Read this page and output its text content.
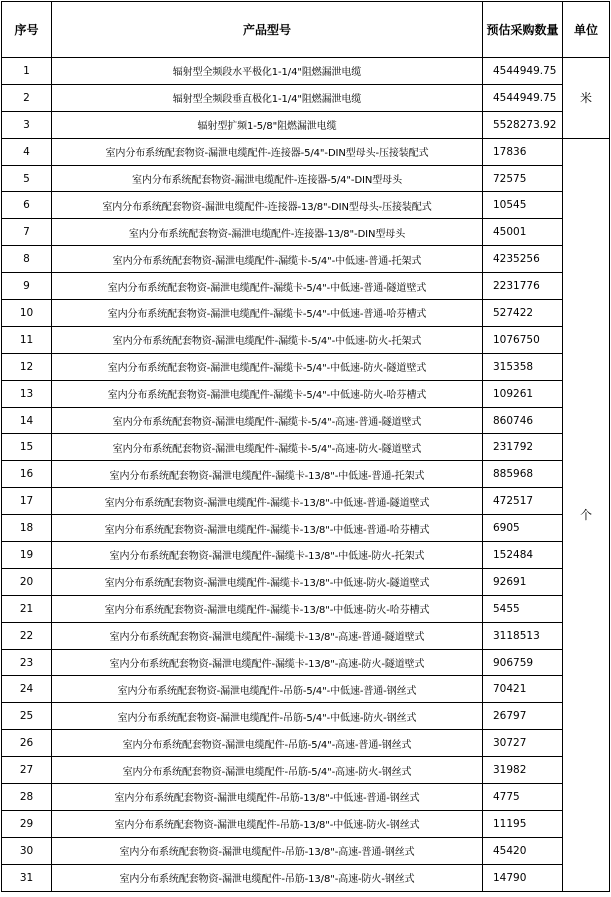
序号	产品型号	预估采购数量	单位
1	辐射型全频段水平极化1-1/4"阻燃漏泄电缆	4544949.75	米
2	辐射型全频段垂直极化1-1/4"阻燃漏泄电缆	4544949.75	
3	辐射型扩频1-5/8"阻燃漏泄电缆	5528273.92	
4	室内分布系统配套物资-漏泄电缆配件-连接器-5/4"-DIN型母头-压接装配式	17836	个
5	室内分布系统配套物资-漏泄电缆配件-连接器-5/4"-DIN型母头	72575	
6	室内分布系统配套物资-漏泄电缆配件-连接器-13/8"-DIN型母头-压接装配式	10545	
7	室内分布系统配套物资-漏泄电缆配件-连接器-13/8"-DIN型母头	45001	
8	室内分布系统配套物资-漏泄电缆配件-漏缆卡-5/4"-中低速-普通-托架式	4235256	
9	室内分布系统配套物资-漏泄电缆配件-漏缆卡-5/4"-中低速-普通-隧道壁式	2231776	
10	室内分布系统配套物资-漏泄电缆配件-漏缆卡-5/4"-中低速-普通-哈芬槽式	527422	
11	室内分布系统配套物资-漏泄电缆配件-漏缆卡-5/4"-中低速-防火-托架式	1076750	
12	室内分布系统配套物资-漏泄电缆配件-漏缆卡-5/4"-中低速-防火-隧道壁式	315358	
13	室内分布系统配套物资-漏泄电缆配件-漏缆卡-5/4"-中低速-防火-哈芬槽式	109261	
14	室内分布系统配套物资-漏泄电缆配件-漏缆卡-5/4"-高速-普通-隧道壁式	860746	
15	室内分布系统配套物资-漏泄电缆配件-漏缆卡-5/4"-高速-防火-隧道壁式	231792	
16	室内分布系统配套物资-漏泄电缆配件-漏缆卡-13/8"-中低速-普通-托架式	885968	
17	室内分布系统配套物资-漏泄电缆配件-漏缆卡-13/8"-中低速-普通-隧道壁式	472517	
18	室内分布系统配套物资-漏泄电缆配件-漏缆卡-13/8"-中低速-普通-哈芬槽式	6905	
19	室内分布系统配套物资-漏泄电缆配件-漏缆卡-13/8"-中低速-防火-托架式	152484	
20	室内分布系统配套物资-漏泄电缆配件-漏缆卡-13/8"-中低速-防火-隧道壁式	92691	
21	室内分布系统配套物资-漏泄电缆配件-漏缆卡-13/8"-中低速-防火-哈芬槽式	5455	
22	室内分布系统配套物资-漏泄电缆配件-漏缆卡-13/8"-高速-普通-隧道壁式	3118513	
23	室内分布系统配套物资-漏泄电缆配件-漏缆卡-13/8"-高速-防火-隧道壁式	906759	
24	室内分布系统配套物资-漏泄电缆配件-吊筋-5/4"-中低速-普通-钢丝式	70421	
25	室内分布系统配套物资-漏泄电缆配件-吊筋-5/4"-中低速-防火-钢丝式	26797	
26	室内分布系统配套物资-漏泄电缆配件-吊筋-5/4"-高速-普通-钢丝式	30727	
27	室内分布系统配套物资-漏泄电缆配件-吊筋-5/4"-高速-防火-钢丝式	31982	
28	室内分布系统配套物资-漏泄电缆配件-吊筋-13/8"-中低速-普通-钢丝式	4775	
29	室内分布系统配套物资-漏泄电缆配件-吊筋-13/8"-中低速-防火-钢丝式	11195	
30	室内分布系统配套物资-漏泄电缆配件-吊筋-13/8"-高速-普通-钢丝式	45420	
31	室内分布系统配套物资-漏泄电缆配件-吊筋-13/8"-高速-防火-钢丝式	14790	
